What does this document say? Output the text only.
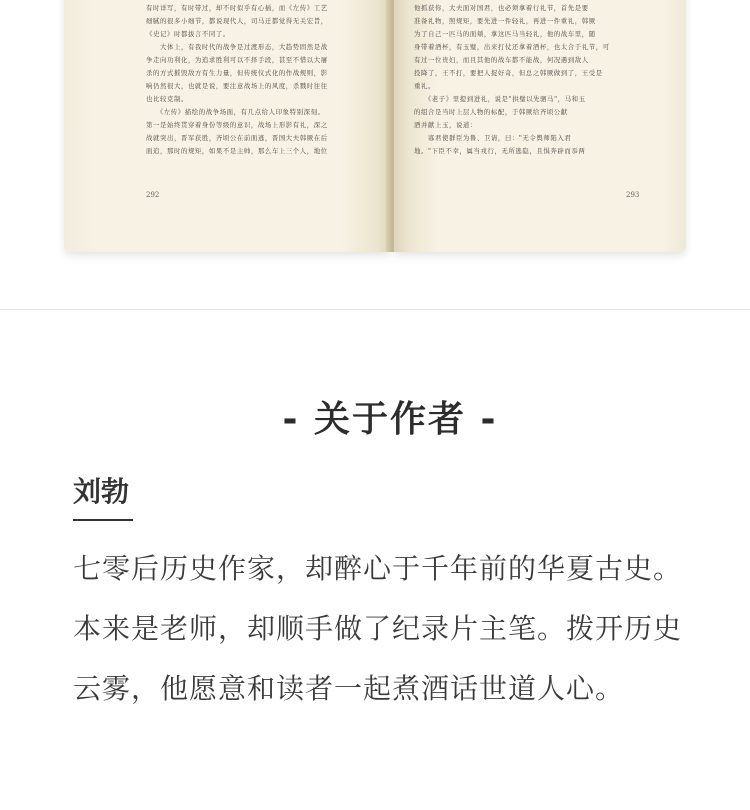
有时详写，有时带过，却不时似乎有心插，而《左传》工艺
细腻的很多小细节，都说现代人，司马迁都觉得无关宏旨，
《史记》时都拔言不同了。
　　大体上，有我时代的战争是过渡形态，大趋势固然是战
争走向功利化，为追求胜利可以不择手段，甚至不惜以大屠
杀的方式摧毁敌方有生力量，但传统仪式化的作战规则，影
响仍然很大，也就是说，要注意战场上的风度，杀戮时往往
也比较克制。
　　《左传》描绘的战争场面，有几点给人印象特别深刻。
第一是始终贯穿着身份等级的意识，战场上形影有礼，深之
战就突出，晋军获胜，齐顷公在前面逃，晋国大夫韩厥在后
面追，那时的规矩，如果不是主帅，那么车上三个人，地位
292
他抓获你，大夫面对国君，也必须拿着行礼节，首先是要
准备礼物，照规矩，要先进一件轻礼，再进一件重礼，韩厥
为了自己一匹马的面颊，拿这匹马当轻礼，他的战车里，随
身带着酒杯，有玉璧，出来打仗还拿着酒杯，也太合于礼节，可
有过一位贵妇，而且其他的战车都不能战，何况遇到敌人
投降了，王不打，要把人捉好奇，但总之韩厥做到了，王受是
重礼。
　　《老子》里提到进礼，说是"拱璧以先驷马"，马和玉
的组合是当时上层人物的标配，于韩厥给齐顷公献
酒并献上玉，说道：
　　寡君使群臣为鲁、卫请，曰："无令舆师陷入君
地。"下臣不幸，属当戎行，无所逃隐，且惧奔辟而忝两
293
- 关于作者 -
刘勃
七零后历史作家，却醉心于千年前的华夏古史。
本来是老师，却顺手做了纪录片主笔。拨开历史
云雾，他愿意和读者一起煮酒话世道人心。
